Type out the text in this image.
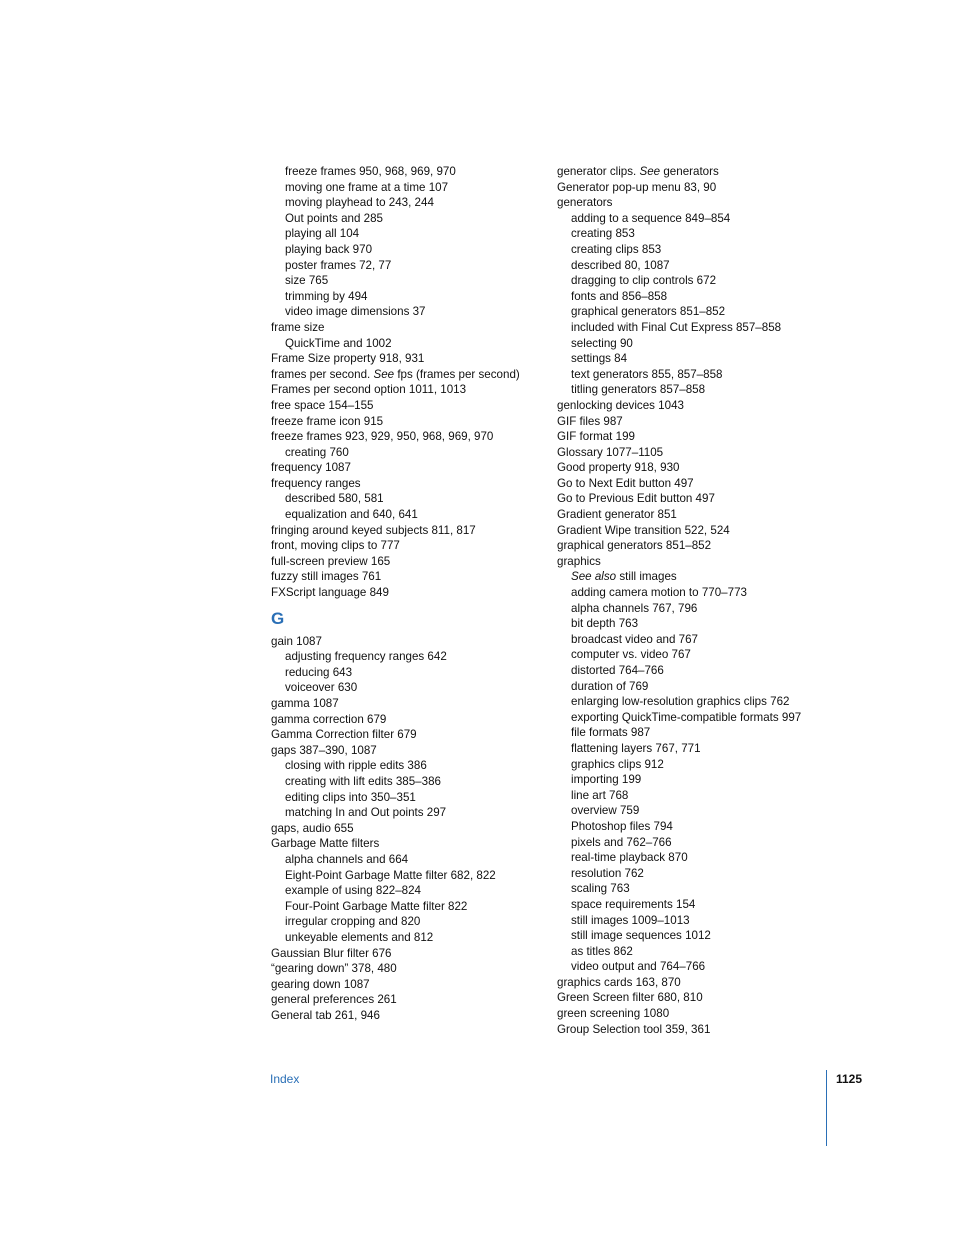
freeze frames 950, 968, 969, 970
moving one frame at a time 107
moving playhead to 243, 244
Out points and 285
playing all 104
playing back 970
poster frames 72, 77
size 765
trimming by 494
video image dimensions 37
frame size
QuickTime and 1002
Frame Size property 918, 931
frames per second. See fps (frames per second)
Frames per second option 1011, 1013
free space 154–155
freeze frame icon 915
freeze frames 923, 929, 950, 968, 969, 970
creating 760
frequency 1087
frequency ranges
described 580, 581
equalization and 640, 641
fringing around keyed subjects 811, 817
front, moving clips to 777
full-screen preview 165
fuzzy still images 761
FXScript language 849
G
gain 1087
adjusting frequency ranges 642
reducing 643
voiceover 630
gamma 1087
gamma correction 679
Gamma Correction filter 679
gaps 387–390, 1087
closing with ripple edits 386
creating with lift edits 385–386
editing clips into 350–351
matching In and Out points 297
gaps, audio 655
Garbage Matte filters
alpha channels and 664
Eight-Point Garbage Matte filter 682, 822
example of using 822–824
Four-Point Garbage Matte filter 822
irregular cropping and 820
unkeyable elements and 812
Gaussian Blur filter 676
“gearing down” 378, 480
gearing down 1087
general preferences 261
General tab 261, 946
generator clips. See generators
Generator pop-up menu 83, 90
generators
adding to a sequence 849–854
creating 853
creating clips 853
described 80, 1087
dragging to clip controls 672
fonts and 856–858
graphical generators 851–852
included with Final Cut Express 857–858
selecting 90
settings 84
text generators 855, 857–858
titling generators 857–858
genlocking devices 1043
GIF files 987
GIF format 199
Glossary 1077–1105
Good property 918, 930
Go to Next Edit button 497
Go to Previous Edit button 497
Gradient generator 851
Gradient Wipe transition 522, 524
graphical generators 851–852
graphics
See also still images
adding camera motion to 770–773
alpha channels 767, 796
bit depth 763
broadcast video and 767
computer vs. video 767
distorted 764–766
duration of 769
enlarging low-resolution graphics clips 762
exporting QuickTime-compatible formats 997
file formats 987
flattening layers 767, 771
graphics clips 912
importing 199
line art 768
overview 759
Photoshop files 794
pixels and 762–766
real-time playback 870
resolution 762
scaling 763
space requirements 154
still images 1009–1013
still image sequences 1012
as titles 862
video output and 764–766
graphics cards 163, 870
Green Screen filter 680, 810
green screening 1080
Group Selection tool 359, 361
Index	1125
